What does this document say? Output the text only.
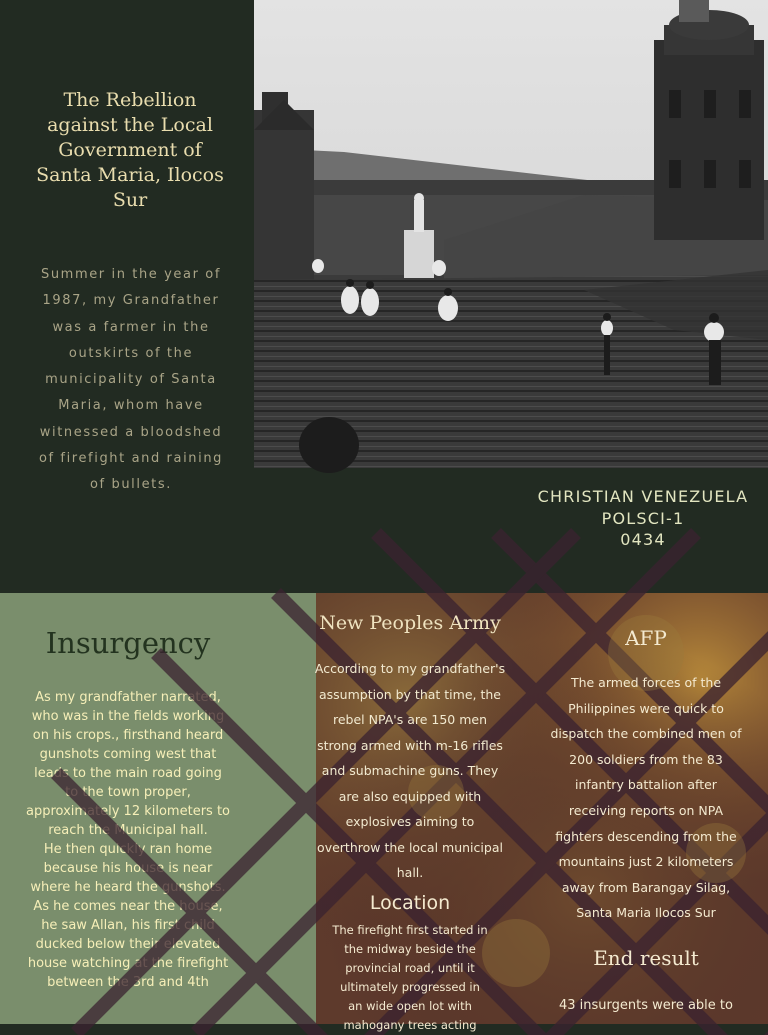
The Rebellion against the Local Government of Santa Maria, Ilocos Sur
Summer in the year of 1987, my Grandfather was a farmer in the outskirts of the municipality of Santa Maria, whom have witnessed a bloodshed of firefight and raining of bullets.
CHRISTIAN VENEZUELA
POLSCI-1
0434
Insurgency
As my grandfather narrated, who was in the fields working on his crops., firsthand heard gunshots coming west that leads to the main road going to the town proper, approximately 12 kilometers to reach the Municipal hall.
He then quickly ran home because his house is near where he heard the gunshots. As he comes near the house, he saw Allan, his first child ducked below their elevated house watching at the firefight between the 3rd and 4th
New Peoples Army
According to my grandfather's assumption by that time, the rebel NPA's are 150 men strong armed with m-16 rifles and submachine guns. They are also equipped with explosives aiming to overthrow the local municipal hall.
Location
The firefight first started in the midway beside the provincial road, until it ultimately progressed in an wide open lot with mahogany trees acting
AFP
The armed forces of the Philippines were quick to dispatch the combined men of 200 soldiers from the 83 infantry battalion after receiving reports on NPA fighters descending from the mountains just 2 kilometers away from Barangay Silag, Santa Maria Ilocos Sur
End result
43 insurgents were able to
